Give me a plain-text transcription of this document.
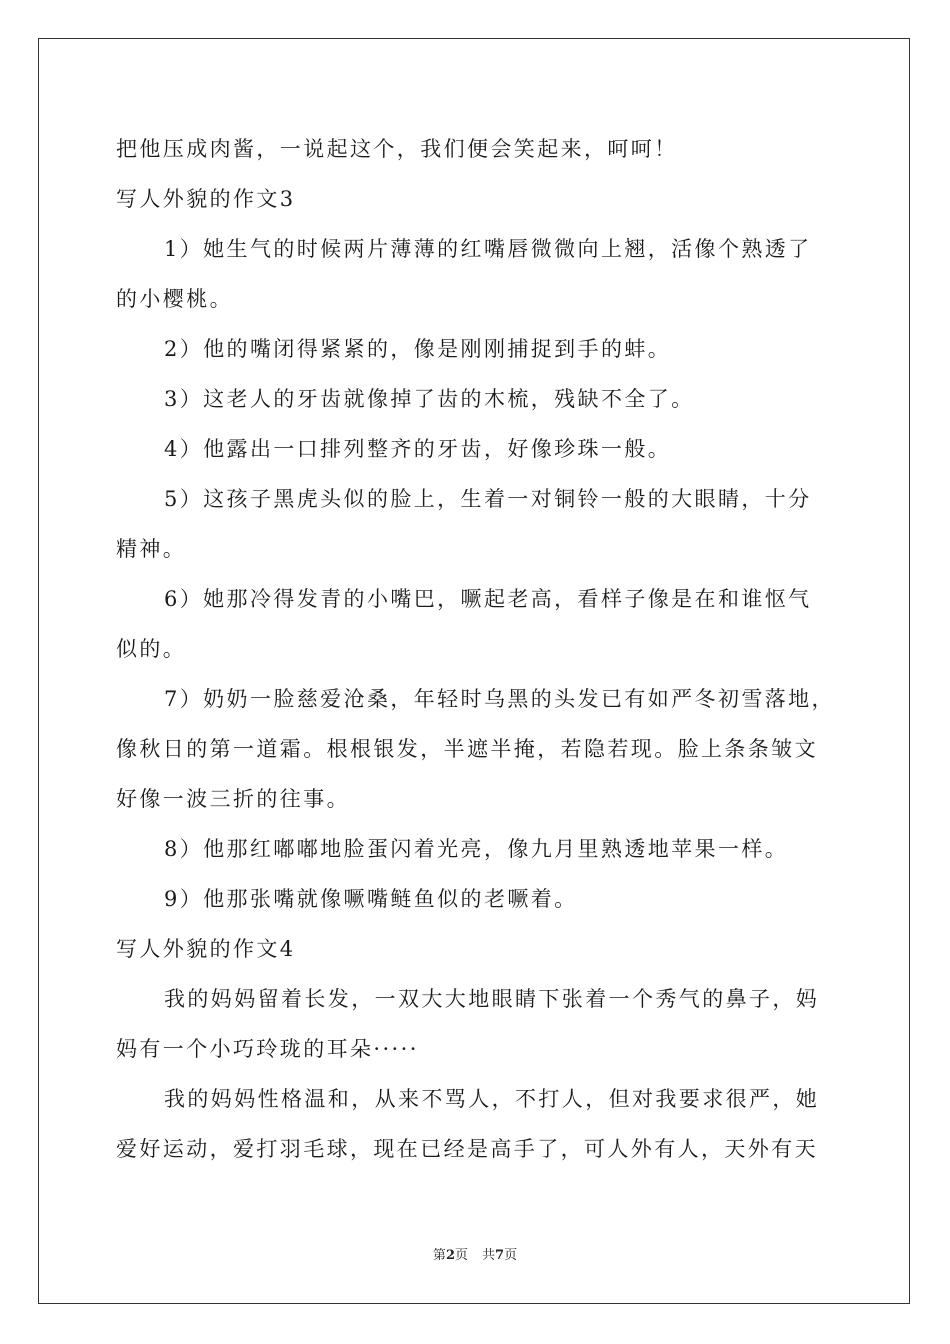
把他压成肉酱，一说起这个，我们便会笑起来，呵呵！
写人外貌的作文3
1）她生气的时候两片薄薄的红嘴唇微微向上翘，活像个熟透了
的小樱桃。
2）他的嘴闭得紧紧的，像是刚刚捕捉到手的蚌。
3）这老人的牙齿就像掉了齿的木梳，残缺不全了。
4）他露出一口排列整齐的牙齿，好像珍珠一般。
5）这孩子黑虎头似的脸上，生着一对铜铃一般的大眼睛，十分
精神。
6）她那冷得发青的小嘴巴，噘起老高，看样子像是在和谁怄气
似的。
7）奶奶一脸慈爱沧桑，年轻时乌黑的头发已有如严冬初雪落地，
像秋日的第一道霜。根根银发，半遮半掩，若隐若现。脸上条条皱文
好像一波三折的往事。
8）他那红嘟嘟地脸蛋闪着光亮，像九月里熟透地苹果一样。
9）他那张嘴就像噘嘴鲢鱼似的老噘着。
写人外貌的作文4
我的妈妈留着长发，一双大大地眼睛下张着一个秀气的鼻子，妈
妈有一个小巧玲珑的耳朵·····
我的妈妈性格温和，从来不骂人，不打人，但对我要求很严，她
爱好运动，爱打羽毛球，现在已经是高手了，可人外有人，天外有天
第2页 共7页
